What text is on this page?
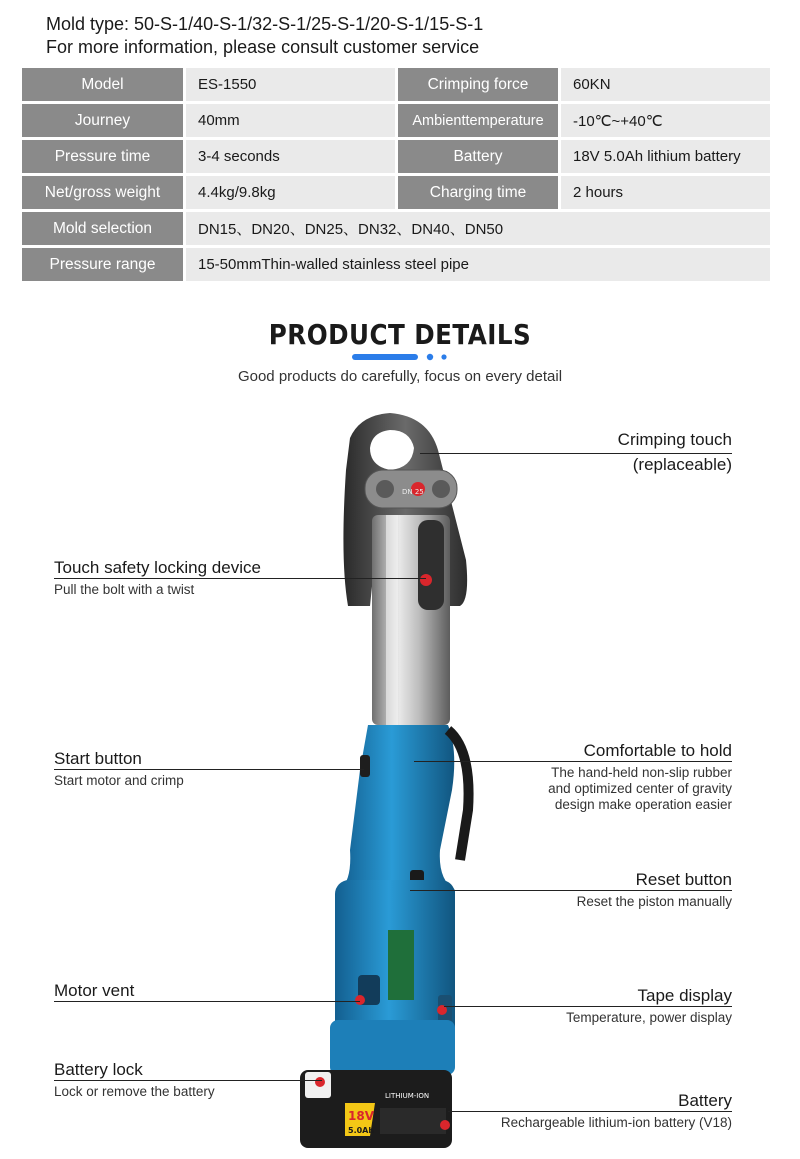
Mold type: 50-S-1/40-S-1/32-S-1/25-S-1/20-S-1/15-S-1
For more information, please consult customer service
Model	ES-1550	Crimping force	60KN
Journey	40mm	Ambienttemperature	-10℃~+40℃
Pressure time	3-4 seconds	Battery	18V 5.0Ah lithium battery
Net/gross weight	4.4kg/9.8kg	Charging time	2 hours
Mold selection	DN15、DN20、DN25、DN32、DN40、DN50		
Pressure range	15-50mmThin-walled stainless steel pipe		
PRODUCT DETAILS
Good products do carefully, focus on every detail
DN 25
18V
5.0Ah
LITHIUM-ION
Crimping touch
(replaceable)
Touch safety locking device
Pull the bolt with a twist
Start button
Start motor and crimp
Comfortable to hold
The hand-held non-slip rubber
and optimized center of gravity
design make operation easier
Reset button
Reset the piston manually
Motor vent	Tape display
Temperature, power display
Battery lock
Lock or remove the battery	Battery
Rechargeable lithium-ion battery (V18)
